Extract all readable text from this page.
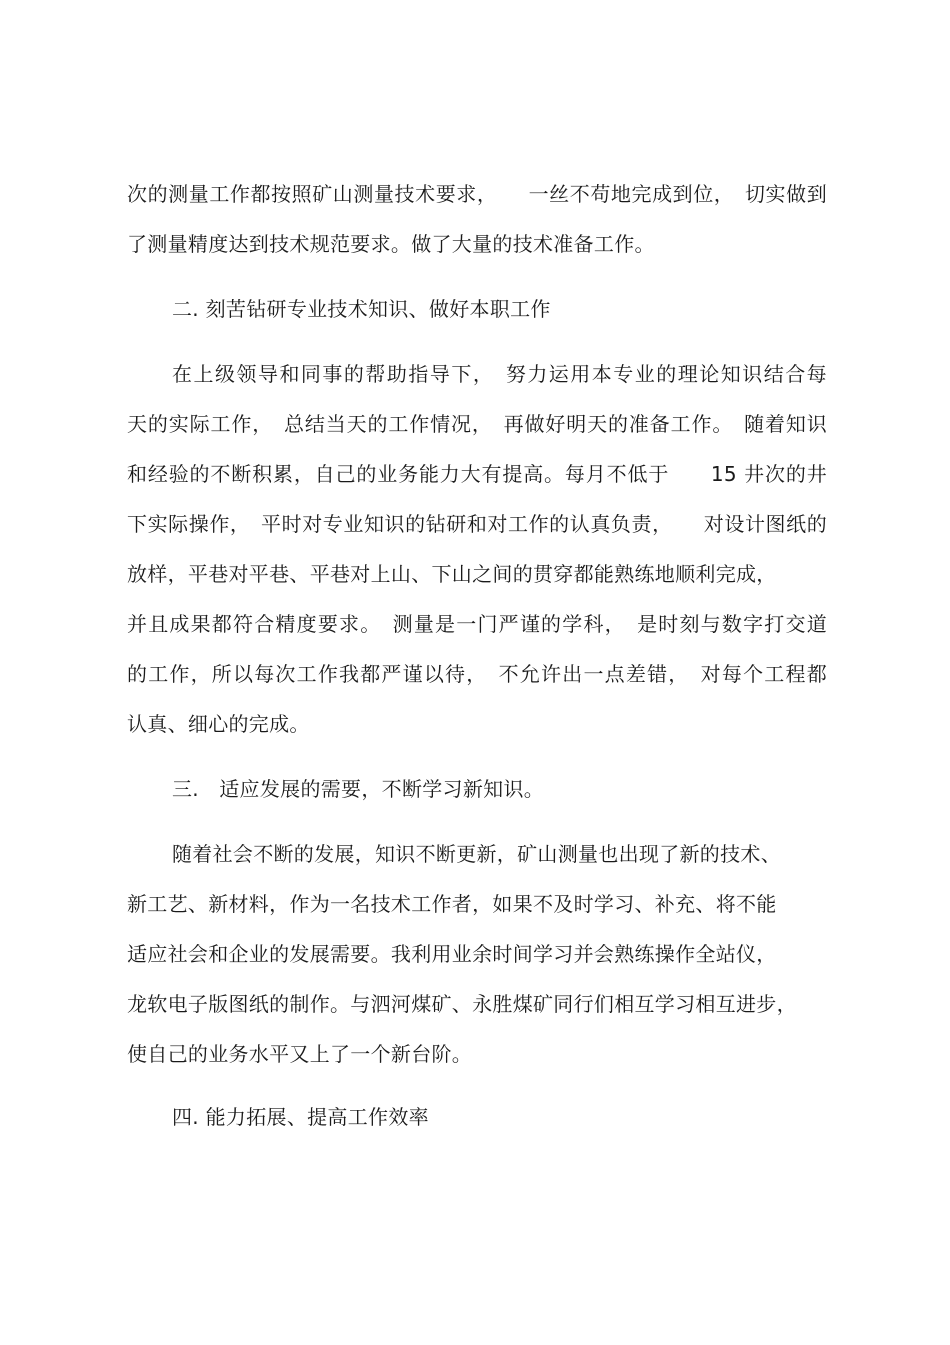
次的测量工作都按照矿山测量技术要求，　　一丝不苟地完成到位，　切实做到
了测量精度达到技术规范要求。做了大量的技术准备工作。
二. 刻苦钻研专业技术知识、做好本职工作
在上级领导和同事的帮助指导下，　努力运用本专业的理论知识结合每
天的实际工作，　总结当天的工作情况，　再做好明天的准备工作。　随着知识
和经验的不断积累，自己的业务能力大有提高。每月不低于　　15 井次的井
下实际操作，　平时对专业知识的钻研和对工作的认真负责，　　对设计图纸的
放样，平巷对平巷、平巷对上山、下山之间的贯穿都能熟练地顺利完成，
并且成果都符合精度要求。　测量是一门严谨的学科，　是时刻与数字打交道
的工作，所以每次工作我都严谨以待，　不允许出一点差错，　对每个工程都
认真、细心的完成。
三.　适应发展的需要，不断学习新知识。
随着社会不断的发展，知识不断更新，矿山测量也出现了新的技术、
新工艺、新材料，作为一名技术工作者，如果不及时学习、补充、将不能
适应社会和企业的发展需要。我利用业余时间学习并会熟练操作全站仪，
龙软电子版图纸的制作。与泗河煤矿、永胜煤矿同行们相互学习相互进步，
使自己的业务水平又上了一个新台阶。
四. 能力拓展、提高工作效率
